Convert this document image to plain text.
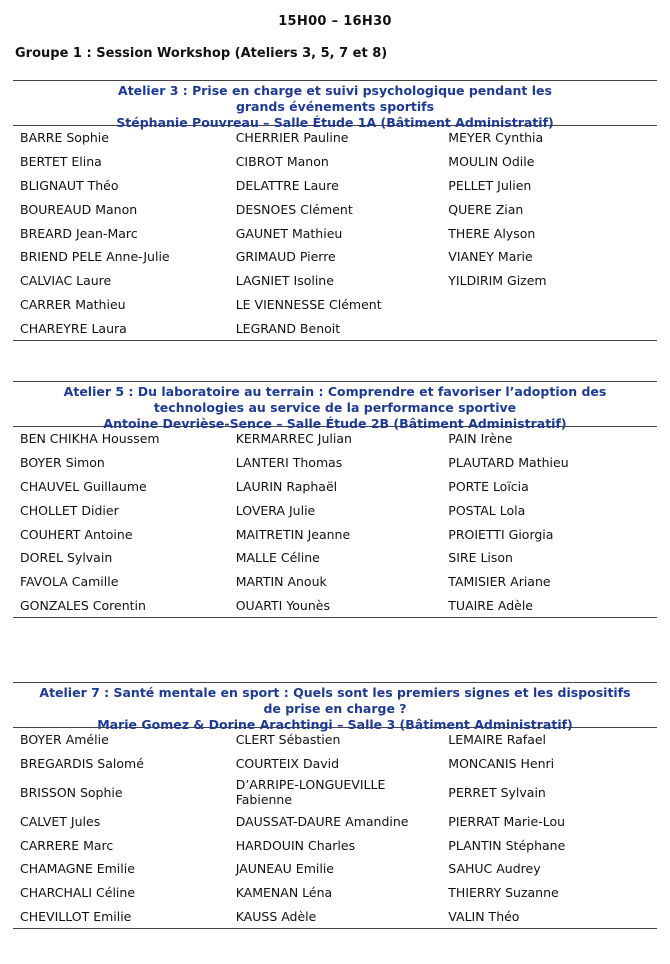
15H00 – 16H30
Groupe 1 : Session Workshop (Ateliers 3, 5, 7 et 8)
Atelier 3 : Prise en charge et suivi psychologique pendant les
grands événements sportifs
Stéphanie Pouvreau – Salle Étude 1A (Bâtiment Administratif)
BARRE Sophie	CHERRIER Pauline	MEYER Cynthia
BERTET Elina	CIBROT Manon	MOULIN Odile
BLIGNAUT Théo	DELATTRE Laure	PELLET Julien
BOUREAUD Manon	DESNOES Clément	QUERE Zian
BREARD Jean-Marc	GAUNET Mathieu	THERE Alyson
BRIEND PELE Anne-Julie	GRIMAUD Pierre	VIANEY Marie
CALVIAC Laure	LAGNIET Isoline	YILDIRIM Gizem
CARRER Mathieu	LE VIENNESSE Clément	
CHAREYRE Laura	LEGRAND Benoit	
Atelier 5 : Du laboratoire au terrain : Comprendre et favoriser l’adoption des
technologies au service de la performance sportive
Antoine Devrièse-Sence – Salle Étude 2B (Bâtiment Administratif)
BEN CHIKHA Houssem	KERMARREC Julian	PAIN Irène
BOYER Simon	LANTERI Thomas	PLAUTARD Mathieu
CHAUVEL Guillaume	LAURIN Raphaël	PORTE Loïcia
CHOLLET Didier	LOVERA Julie	POSTAL Lola
COUHERT Antoine	MAITRETIN Jeanne	PROIETTI Giorgia
DOREL Sylvain	MALLE Céline	SIRE Lison
FAVOLA Camille	MARTIN Anouk	TAMISIER Ariane
GONZALES Corentin	OUARTI Younès	TUAIRE Adèle
Atelier 7 : Santé mentale en sport : Quels sont les premiers signes et les dispositifs
de prise en charge ?
Marie Gomez & Dorine Arachtingi – Salle 3 (Bâtiment Administratif)
BOYER Amélie	CLERT Sébastien	LEMAIRE Rafael
BREGARDIS Salomé	COURTEIX David	MONCANIS Henri
BRISSON Sophie	D’ARRIPE-LONGUEVILLE Fabienne	PERRET Sylvain
CALVET Jules	DAUSSAT-DAURE Amandine	PIERRAT Marie-Lou
CARRERE Marc	HARDOUIN Charles	PLANTIN Stéphane
CHAMAGNE Emilie	JAUNEAU Emilie	SAHUC Audrey
CHARCHALI Céline	KAMENAN Léna	THIERRY Suzanne
CHEVILLOT Emilie	KAUSS Adèle	VALIN Théo
